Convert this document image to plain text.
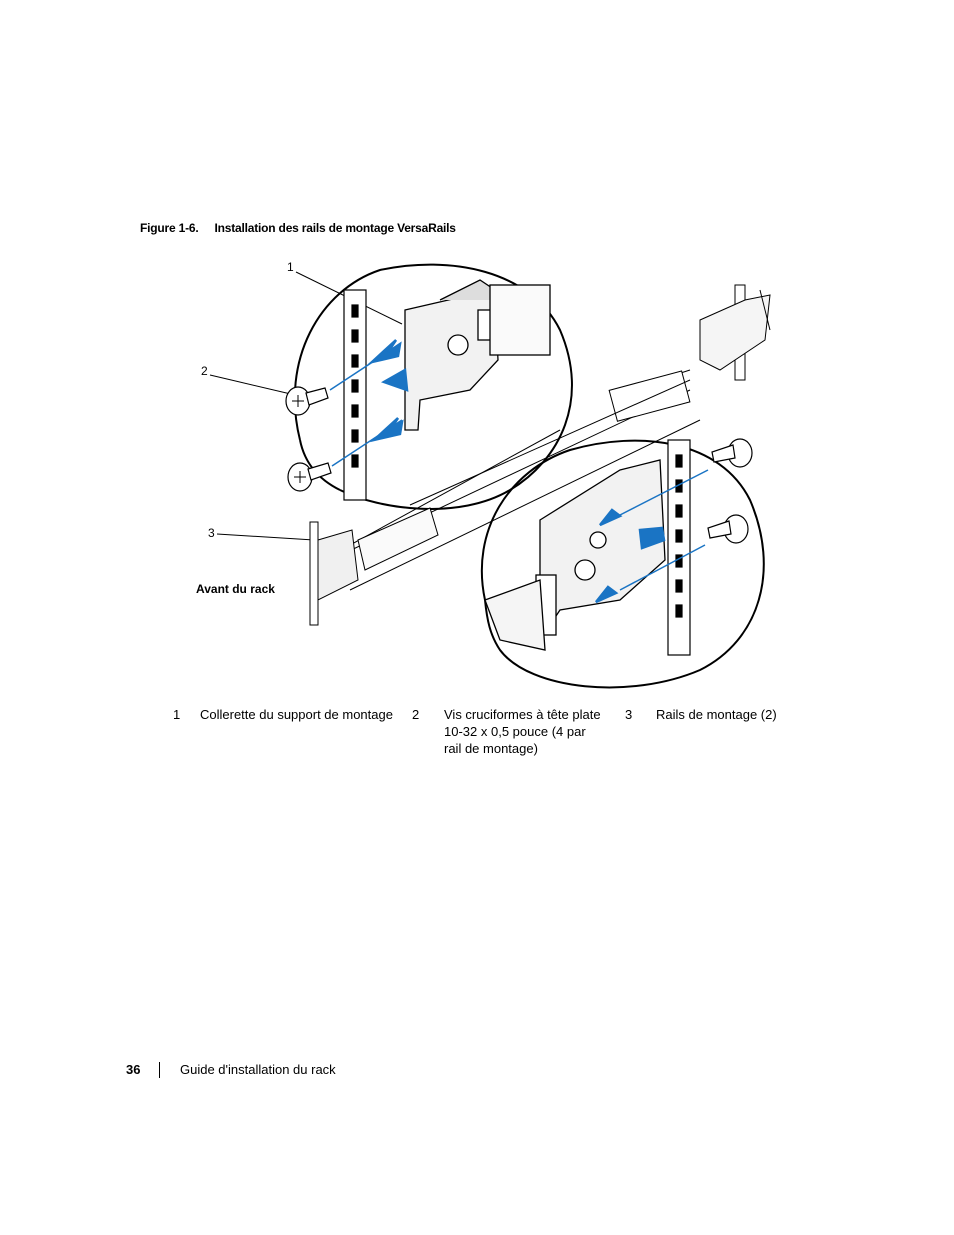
Figure 1-6. Installation des rails de montage VersaRails
1
2
3
Avant du rack
1 Collerette du support de montage	2 Vis cruciformes à tête plate 10-32 x 0,5 pouce (4 par rail de montage)
3 Rails de montage (2)
36	Guide d'installation du rack
